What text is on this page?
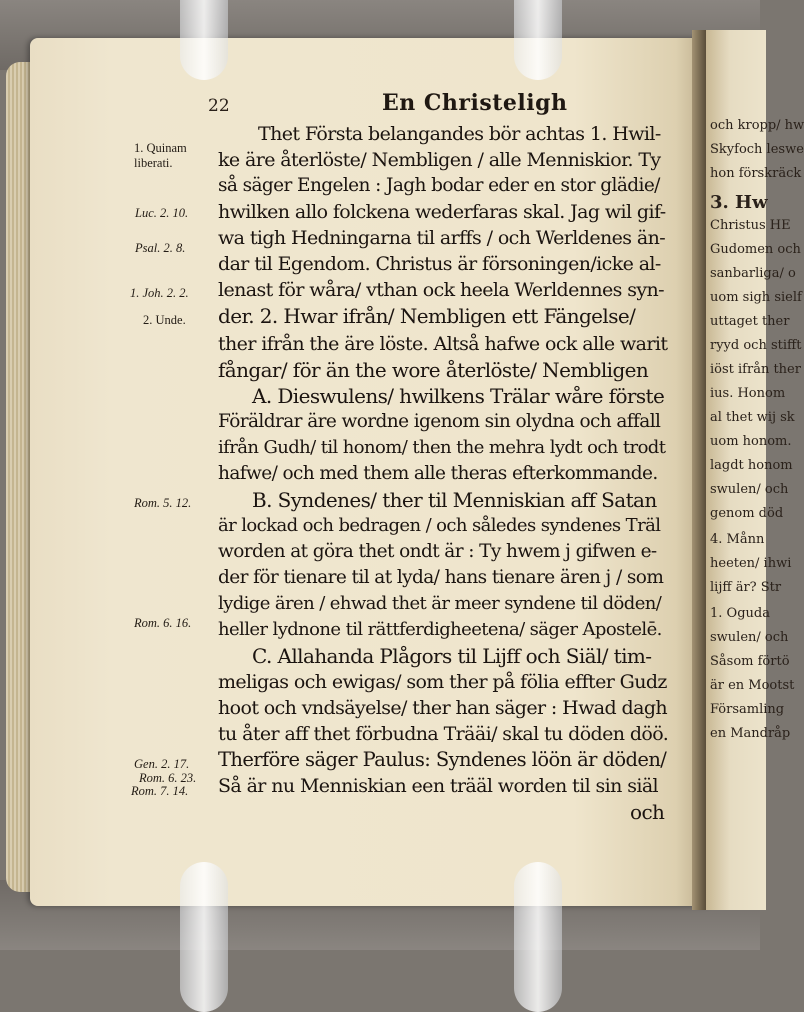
och kropp/ hw
Skyfoch leswe
hon förskräck
3. Hw
Christus HE
Gudomen och
sanbarliga/ o
uom sigh sielf
uttaget ther
ryyd och stifft
iöst ifrån ther
ius. Honom
al thet wij sk
uom honom.
lagdt honom
swulen/ och
genom död
4. Månn
heeten/ ihwi
lijff är? Str
1. Oguda
swulen/ och
Såsom förtö
är en Mootst
Församling
en Mandråp
22	En Christeligh
1. Quinam
liberati.
Luc. 2. 10.
Psal. 2. 8.
1. Joh. 2. 2.
2. Unde.
Rom. 5. 12.
Rom. 6. 16.
Gen. 2. 17.
Rom. 6. 23.
Rom. 7. 14.
Thet Första belangandes bör achtas 1. Hwil-
ke äre återlöste/ Nembligen / alle Menniskior. Ty
så säger Engelen : Jagh bodar eder en stor glädie/
hwilken allo folckena wederfaras skal. Jag wil gif-
wa tigh Hedningarna til arffs / och Werldenes än-
dar til Egendom. Christus är försoningen/icke al-
lenast för wåra/ vthan ock heela Werldennes syn-
der. 2. Hwar ifrån/ Nembligen ett Fängelse/
ther ifrån the äre löste. Altså hafwe ock alle warit
fångar/ för än the wore återlöste/ Nembligen
A. Dieswulens/ hwilkens Trälar wåre förste
Föräldrar äre wordne igenom sin olydna och affall
ifrån Gudh/ til honom/ then the mehra lydt och trodt
hafwe/ och med them alle theras efterkommande.
B. Syndenes/ ther til Menniskian aff Satan
är lockad och bedragen / och således syndenes Träl
worden at göra thet ondt är : Ty hwem j gifwen e-
der för tienare til at lyda/ hans tienare ären j / som
lydige ären / ehwad thet är meer syndene til döden/
heller lydnone til rättferdigheetena/ säger Apostelē.
C. Allahanda Plågors til Lijff och Siäl/ tim-
meligas och ewigas/ som ther på fölia effter Gudz
hoot och vndsäyelse/ ther han säger : Hwad dagh
tu åter aff thet förbudna Trääi/ skal tu döden döö.
Therföre säger Paulus: Syndenes löön är döden/
Så är nu Menniskian een trääl worden til sin siäl
och
